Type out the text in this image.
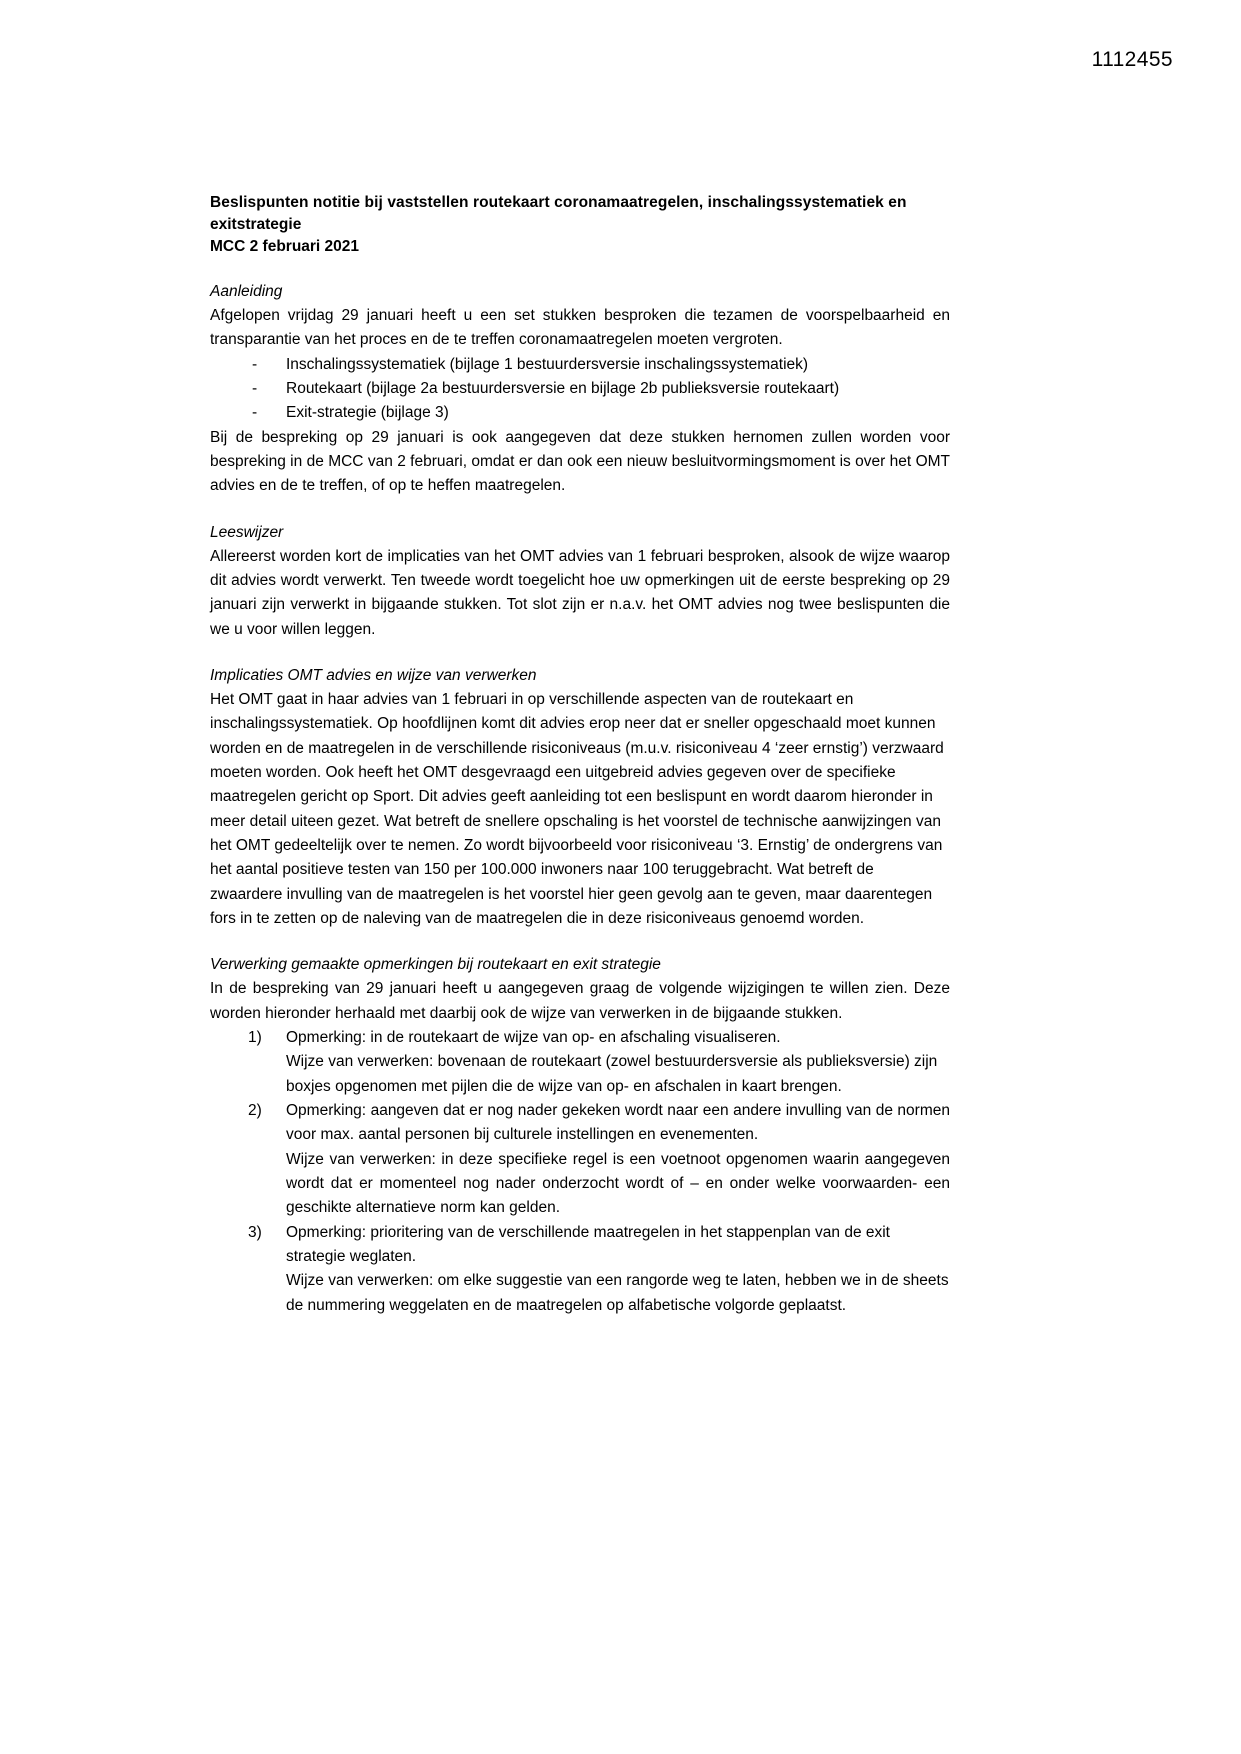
1112455
Beslispunten notitie bij vaststellen routekaart coronamaatregelen, inschalingssystematiek en
exitstrategie
MCC 2 februari 2021
Aanleiding

Afgelopen vrijdag 29 januari heeft u een set stukken besproken die tezamen de voorspelbaarheid en transparantie van het proces en de te treffen coronamaatregelen moeten vergroten.

- Inschalingssystematiek (bijlage 1 bestuurdersversie inschalingssystematiek)
- Routekaart (bijlage 2a bestuurdersversie en bijlage 2b publieksversie routekaart)
- Exit-strategie (bijlage 3)

Bij de bespreking op 29 januari is ook aangegeven dat deze stukken hernomen zullen worden voor bespreking in de MCC van 2 februari, omdat er dan ook een nieuw besluitvormingsmoment is over het OMT advies en de te treffen, of op te heffen maatregelen.

Leeswijzer

Allereerst worden kort de implicaties van het OMT advies van 1 februari besproken, alsook de wijze waarop dit advies wordt verwerkt. Ten tweede wordt toegelicht hoe uw opmerkingen uit de eerste bespreking op 29 januari zijn verwerkt in bijgaande stukken. Tot slot zijn er n.a.v. het OMT advies nog twee beslispunten die we u voor willen leggen.

Implicaties OMT advies en wijze van verwerken

Het OMT gaat in haar advies van 1 februari in op verschillende aspecten van de routekaart en inschalingssystematiek. Op hoofdlijnen komt dit advies erop neer dat er sneller opgeschaald moet kunnen worden en de maatregelen in de verschillende risiconiveaus (m.u.v. risiconiveau 4 ‘zeer ernstig’) verzwaard moeten worden. Ook heeft het OMT desgevraagd een uitgebreid advies gegeven over de specifieke maatregelen gericht op Sport. Dit advies geeft aanleiding tot een beslispunt en wordt daarom hieronder in meer detail uiteen gezet. Wat betreft de snellere opschaling is het voorstel de technische aanwijzingen van het OMT gedeeltelijk over te nemen. Zo wordt bijvoorbeeld voor risiconiveau ‘3. Ernstig’ de ondergrens van het aantal positieve testen van 150 per 100.000 inwoners naar 100 teruggebracht. Wat betreft de zwaardere invulling van de maatregelen is het voorstel hier geen gevolg aan te geven, maar daarentegen fors in te zetten op de naleving van de maatregelen die in deze risiconiveaus genoemd worden.

Verwerking gemaakte opmerkingen bij routekaart en exit strategie

In de bespreking van 29 januari heeft u aangegeven graag de volgende wijzigingen te willen zien. Deze worden hieronder herhaald met daarbij ook de wijze van verwerken in de bijgaande stukken.

1) Opmerking: in de routekaart de wijze van op- en afschaling visualiseren.
Wijze van verwerken: bovenaan de routekaart (zowel bestuurdersversie als publieksversie) zijn boxjes opgenomen met pijlen die de wijze van op- en afschalen in kaart brengen.
2) Opmerking: aangeven dat er nog nader gekeken wordt naar een andere invulling van de normen voor max. aantal personen bij culturele instellingen en evenementen.
Wijze van verwerken: in deze specifieke regel is een voetnoot opgenomen waarin aangegeven wordt dat er momenteel nog nader onderzocht wordt of – en onder welke voorwaarden- een geschikte alternatieve norm kan gelden.
3) Opmerking: prioritering van de verschillende maatregelen in het stappenplan van de exit strategie weglaten.
Wijze van verwerken: om elke suggestie van een rangorde weg te laten, hebben we in de sheets de nummering weggelaten en de maatregelen op alfabetische volgorde geplaatst.
